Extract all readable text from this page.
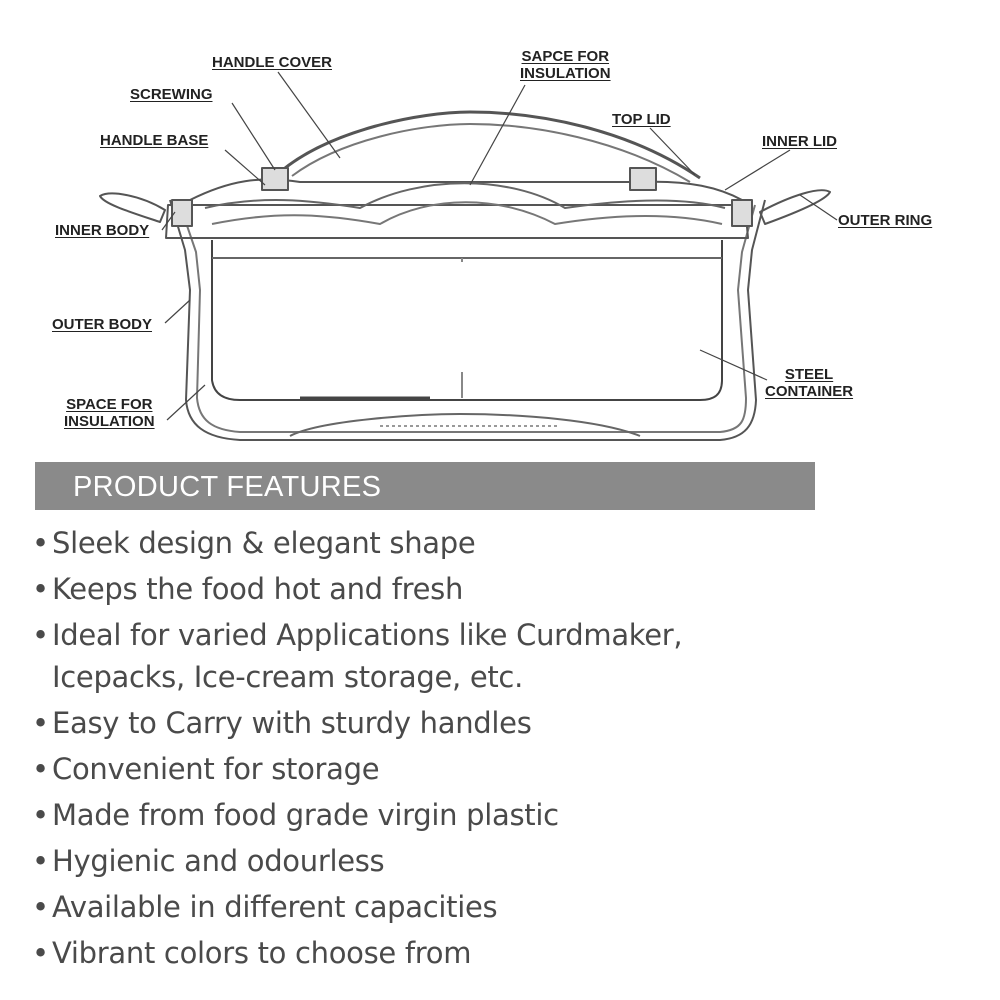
HANDLE COVER	SAPCE FOR
INSULATION
SCREWING
TOP LID
HANDLE BASE	INNER LID
INNER BODY
OUTER RING
OUTER BODY
STEEL
CONTAINER
SPACE FOR
INSULATION
PRODUCT FEATURES
• Sleek design & elegant shape
• Keeps the food hot and fresh
• Ideal for varied Applications like Curdmaker,
Icepacks, Ice-cream storage, etc.
• Easy to Carry with sturdy handles
• Convenient for storage
• Made from food grade virgin plastic
• Hygienic and odourless
• Available in different capacities
• Vibrant colors to choose from
